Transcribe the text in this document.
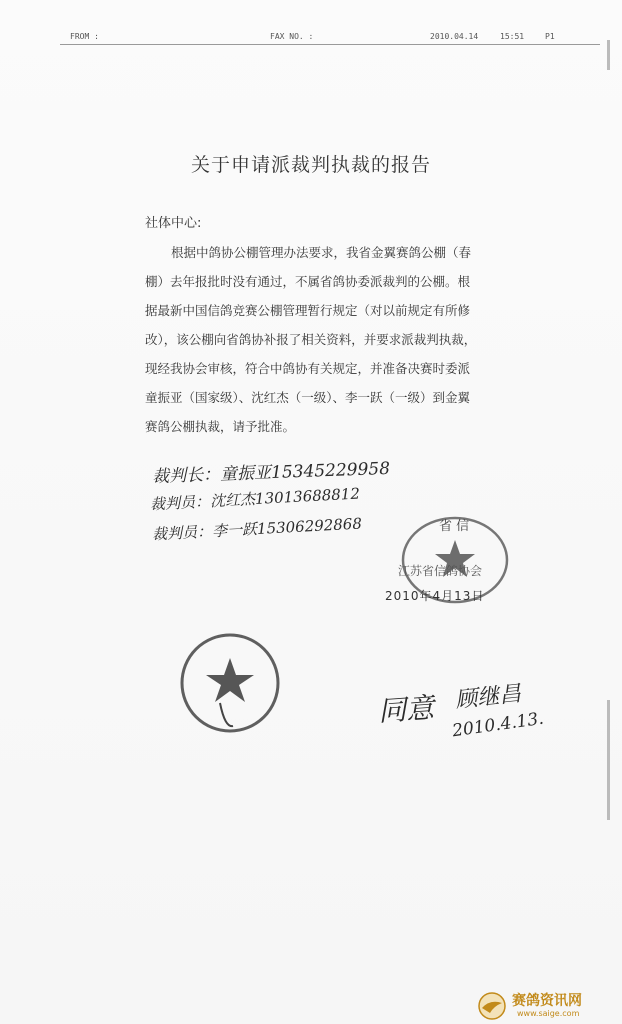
FROM :	FAX NO. :	2010.04.14	15:51	P1
关于申请派裁判执裁的报告
社体中心:
根据中鸽协公棚管理办法要求，我省金翼赛鸽公棚（春
棚）去年报批时没有通过，不属省鸽协委派裁判的公棚。根
据最新中国信鸽竞赛公棚管理暂行规定（对以前规定有所修
改），该公棚向省鸽协补报了相关资料，并要求派裁判执裁，
现经我协会审核，符合中鸽协有关规定，并准备决赛时委派
童振亚（国家级）、沈红杰（一级）、李一跃（一级）到金翼
赛鸽公棚执裁，请予批准。
裁判长：童振亚15345229958
裁判员：沈红杰13013688812
裁判员：李一跃15306292868	省 信
江苏省信鸽协会
2010年4月13日
同意 顾继昌
2010.4.13.
赛鸽资讯网
www.saige.com
